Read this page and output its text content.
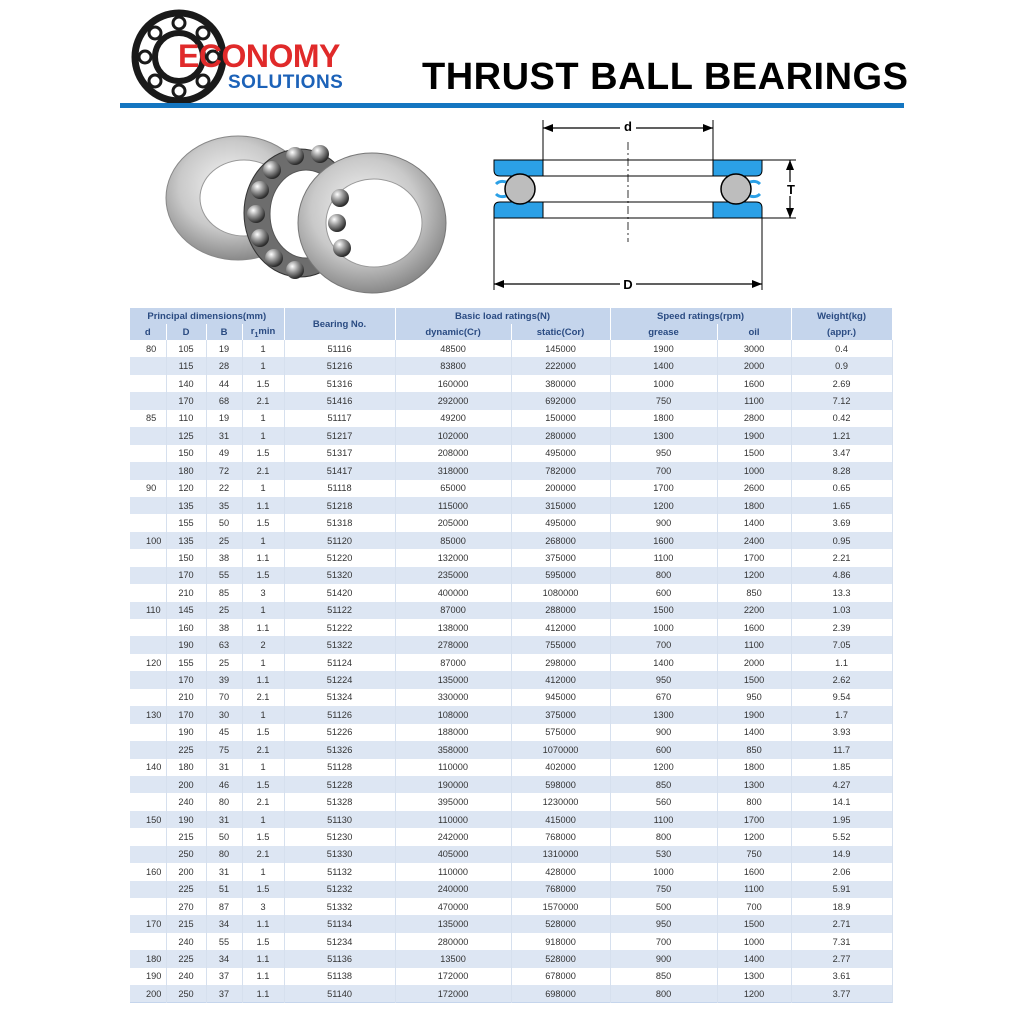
ECONOMY
SOLUTIONS THRUST BALL BEARINGS
d
T
D
Principal dimensions(mm)				Bearing No.	Basic load ratings(N)		Speed ratings(rpm)		Weight(kg)
d	D	B	$r_1\min$		dynamic(Cr)	static(Cor)	grease	oil	(appr.)
80	105	19	1	51116	48500	145000	1900	3000	0.4
	115	28	1	51216	83800	222000	1400	2000	0.9
	140	44	1.5	51316	160000	380000	1000	1600	2.69
	170	68	2.1	51416	292000	692000	750	1100	7.12
85	110	19	1	51117	49200	150000	1800	2800	0.42
	125	31	1	51217	102000	280000	1300	1900	1.21
	150	49	1.5	51317	208000	495000	950	1500	3.47
	180	72	2.1	51417	318000	782000	700	1000	8.28
90	120	22	1	51118	65000	200000	1700	2600	0.65
	135	35	1.1	51218	115000	315000	1200	1800	1.65
	155	50	1.5	51318	205000	495000	900	1400	3.69
100	135	25	1	51120	85000	268000	1600	2400	0.95
	150	38	1.1	51220	132000	375000	1100	1700	2.21
	170	55	1.5	51320	235000	595000	800	1200	4.86
	210	85	3	51420	400000	1080000	600	850	13.3
110	145	25	1	51122	87000	288000	1500	2200	1.03
	160	38	1.1	51222	138000	412000	1000	1600	2.39
	190	63	2	51322	278000	755000	700	1100	7.05
120	155	25	1	51124	87000	298000	1400	2000	1.1
	170	39	1.1	51224	135000	412000	950	1500	2.62
	210	70	2.1	51324	330000	945000	670	950	9.54
130	170	30	1	51126	108000	375000	1300	1900	1.7
	190	45	1.5	51226	188000	575000	900	1400	3.93
	225	75	2.1	51326	358000	1070000	600	850	11.7
140	180	31	1	51128	110000	402000	1200	1800	1.85
	200	46	1.5	51228	190000	598000	850	1300	4.27
	240	80	2.1	51328	395000	1230000	560	800	14.1
150	190	31	1	51130	110000	415000	1100	1700	1.95
	215	50	1.5	51230	242000	768000	800	1200	5.52
	250	80	2.1	51330	405000	1310000	530	750	14.9
160	200	31	1	51132	110000	428000	1000	1600	2.06
	225	51	1.5	51232	240000	768000	750	1100	5.91
	270	87	3	51332	470000	1570000	500	700	18.9
170	215	34	1.1	51134	135000	528000	950	1500	2.71
	240	55	1.5	51234	280000	918000	700	1000	7.31
180	225	34	1.1	51136	13500	528000	900	1400	2.77
190	240	37	1.1	51138	172000	678000	850	1300	3.61
200	250	37	1.1	51140	172000	698000	800	1200	3.77
